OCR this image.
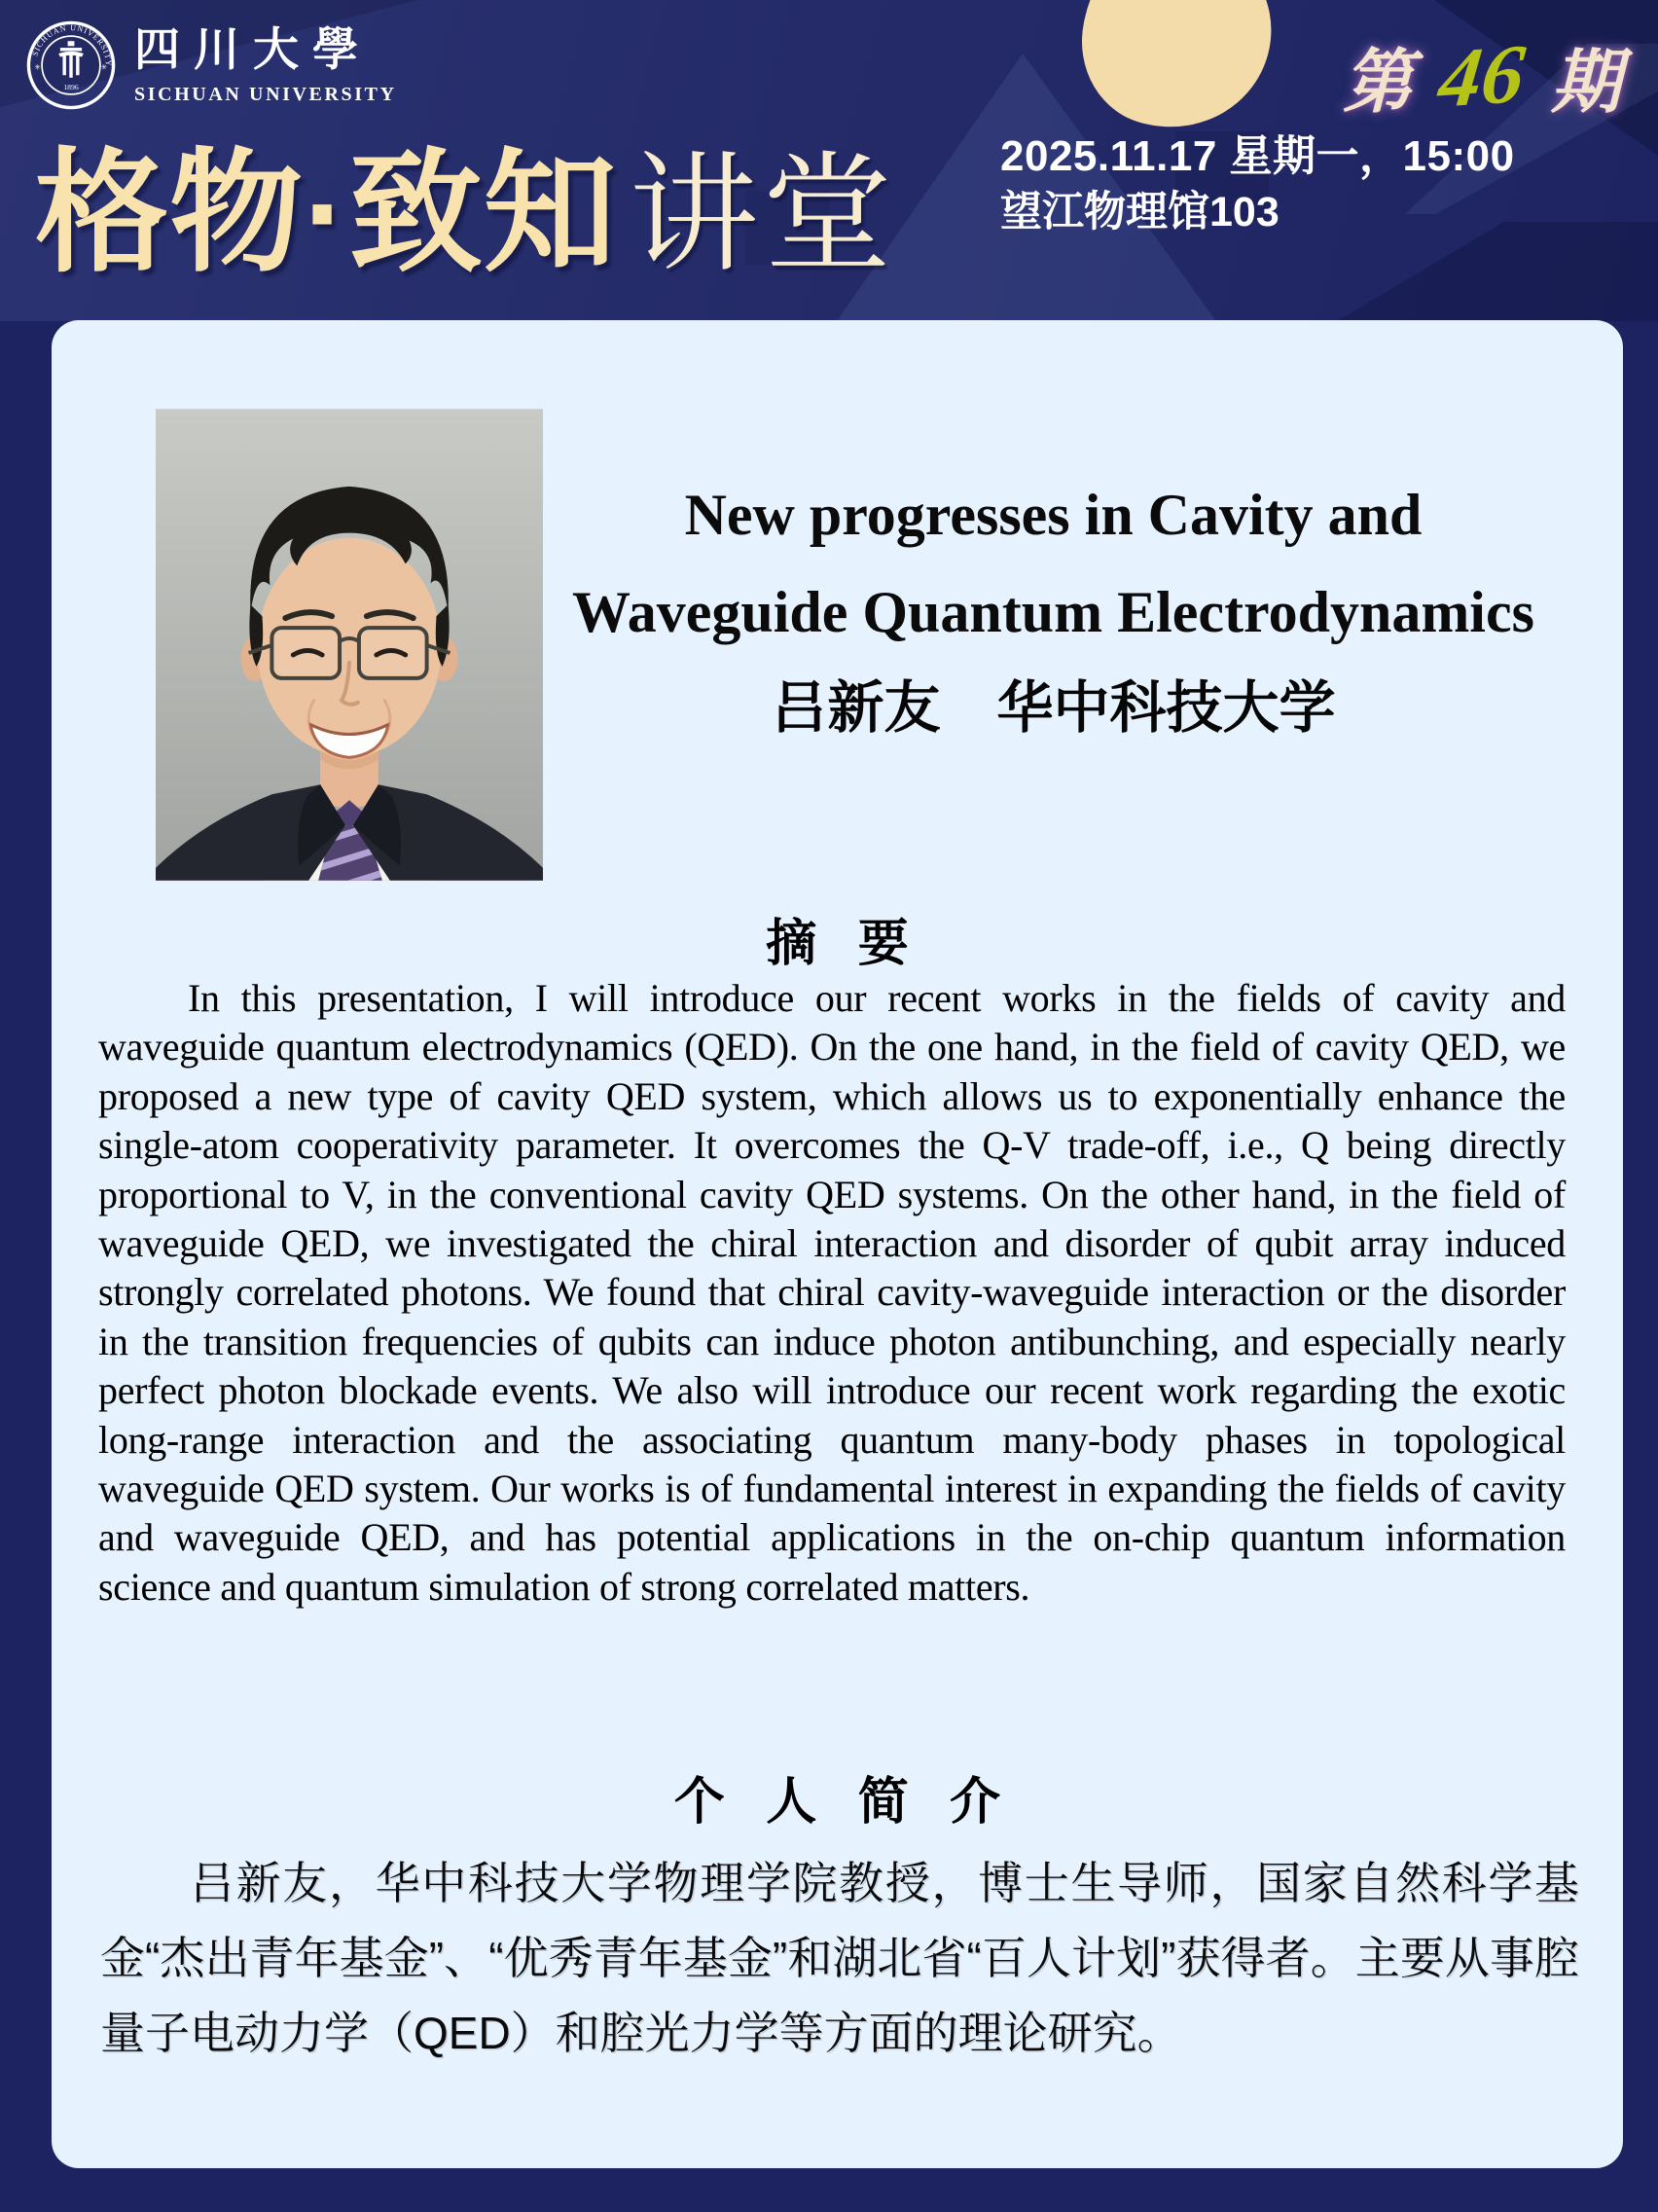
SICHUAN UNIVERSITY
✳	✳
1896
四川大學
SICHUAN UNIVERSITY	第 46 期
格物·致知讲堂 2025.11.17 星期一，15:00
望江物理馆103
New progresses in Cavity and
Waveguide Quantum Electrodynamics
吕新友　华中科技大学
摘 要

In this presentation, I will introduce our recent works in the fields of cavity and waveguide quantum electrodynamics (QED). On the one hand, in the field of cavity QED, we proposed a new type of cavity QED system, which allows us to exponentially enhance the single-atom cooperativity parameter. It overcomes the Q-V trade-off, i.e., Q being directly proportional to V, in the conventional cavity QED systems. On the other hand, in the field of waveguide QED, we investigated the chiral interaction and disorder of qubit array induced strongly correlated photons. We found that chiral cavity-waveguide interaction or the disorder in the transition frequencies of qubits can induce photon antibunching, and especially nearly perfect photon blockade events. We also will introduce our recent work regarding the exotic long-range interaction and the associating quantum many-body phases in topological waveguide QED system. Our works is of fundamental interest in expanding the fields of cavity and waveguide QED, and has potential applications in the on-chip quantum information science and quantum simulation of strong correlated matters.

个 人 简 介

吕新友，华中科技大学物理学院教授，博士生导师，国家自然科学基金“杰出青年基金”、“优秀青年基金”和湖北省“百人计划”获得者。主要从事腔量子电动力学（QED）和腔光力学等方面的理论研究。
